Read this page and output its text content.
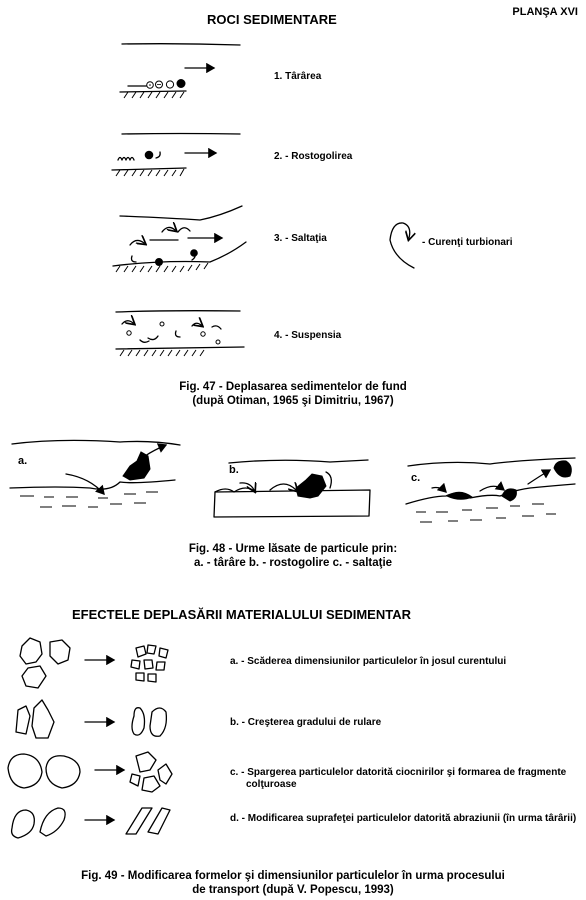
PLANŞA XVI
ROCI SEDIMENTARE
1. Târârea
2. - Rostogolirea
3. - Saltaţia
4. - Suspensia
- Curenţi turbionari
Fig. 47 - Deplasarea sedimentelor de fund
(după Otiman, 1965 şi Dimitriu, 1967)
a.
b.
c.
Fig. 48 - Urme lăsate de particule prin:
a. - târâre b. - rostogolire c. - saltaţie
EFECTELE DEPLASĂRII MATERIALULUI SEDIMENTAR
a. - Scăderea dimensiunilor particulelor în josul curentului
b. - Creşterea gradului de rulare
c. - Spargerea particulelor datorită ciocnirilor şi formarea de fragmente
colţuroase
d. - Modificarea suprafeţei particulelor datorită abraziunii (în urma târârii)
Fig. 49 - Modificarea formelor şi dimensiunilor particulelor în urma procesului
de transport (după V. Popescu, 1993)
